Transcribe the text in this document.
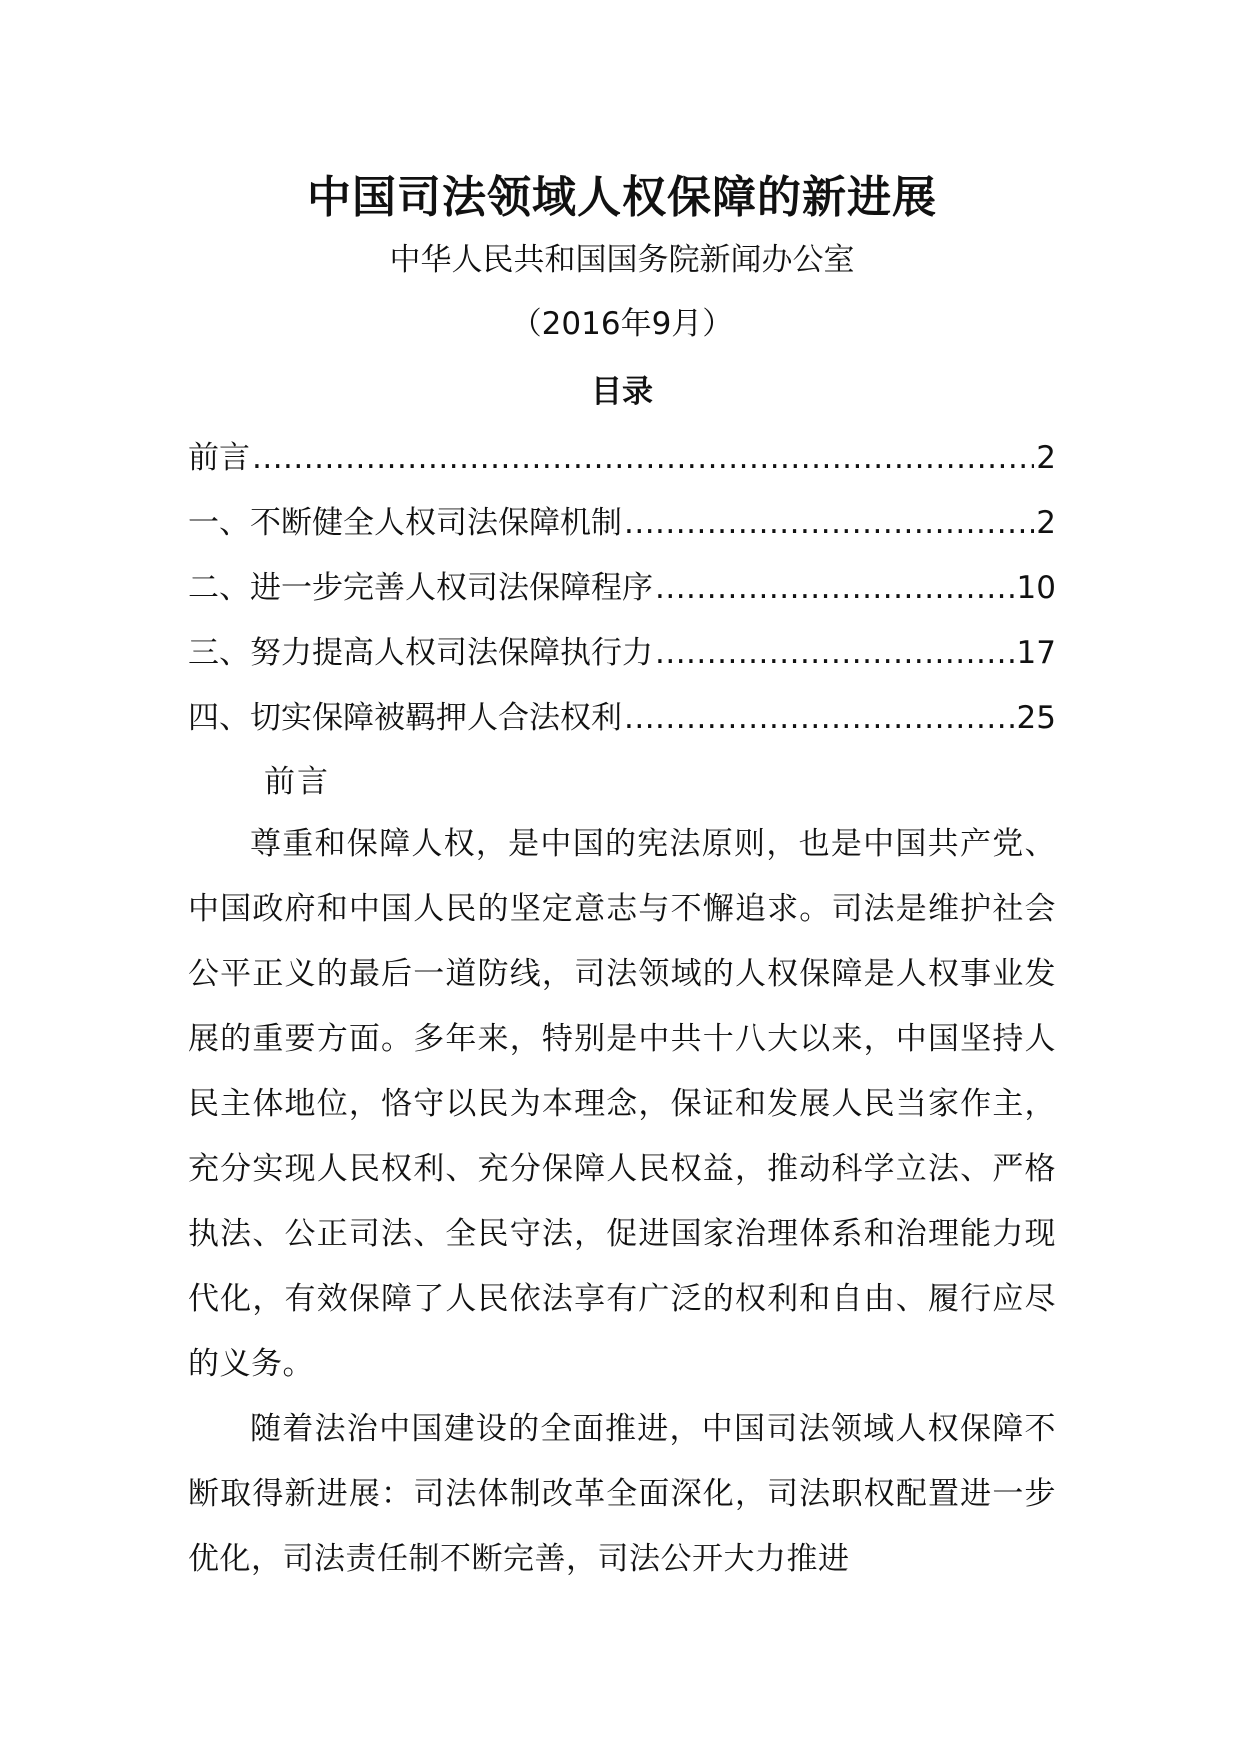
中国司法领域人权保障的新进展
中华人民共和国国务院新闻办公室
（2016年9月）
目录
前言 .....	2
一、不断健全人权司法保障机制 .....	2
二、进一步完善人权司法保障程序 .....	10
三、努力提高人权司法保障执行力 .....	17
四、切实保障被羁押人合法权利 .....	25
前言

尊重和保障人权，是中国的宪法原则，也是中国共产党、中国政府和中国人民的坚定意志与不懈追求。司法是维护社会公平正义的最后一道防线，司法领域的人权保障是人权事业发展的重要方面。多年来，特别是中共十八大以来，中国坚持人民主体地位，恪守以民为本理念，保证和发展人民当家作主，充分实现人民权利、充分保障人民权益，推动科学立法、严格执法、公正司法、全民守法，促进国家治理体系和治理能力现代化，有效保障了人民依法享有广泛的权利和自由、履行应尽的义务。

随着法治中国建设的全面推进，中国司法领域人权保障不断取得新进展：司法体制改革全面深化，司法职权配置进一步优化，司法责任制不断完善，司法公开大力推进
